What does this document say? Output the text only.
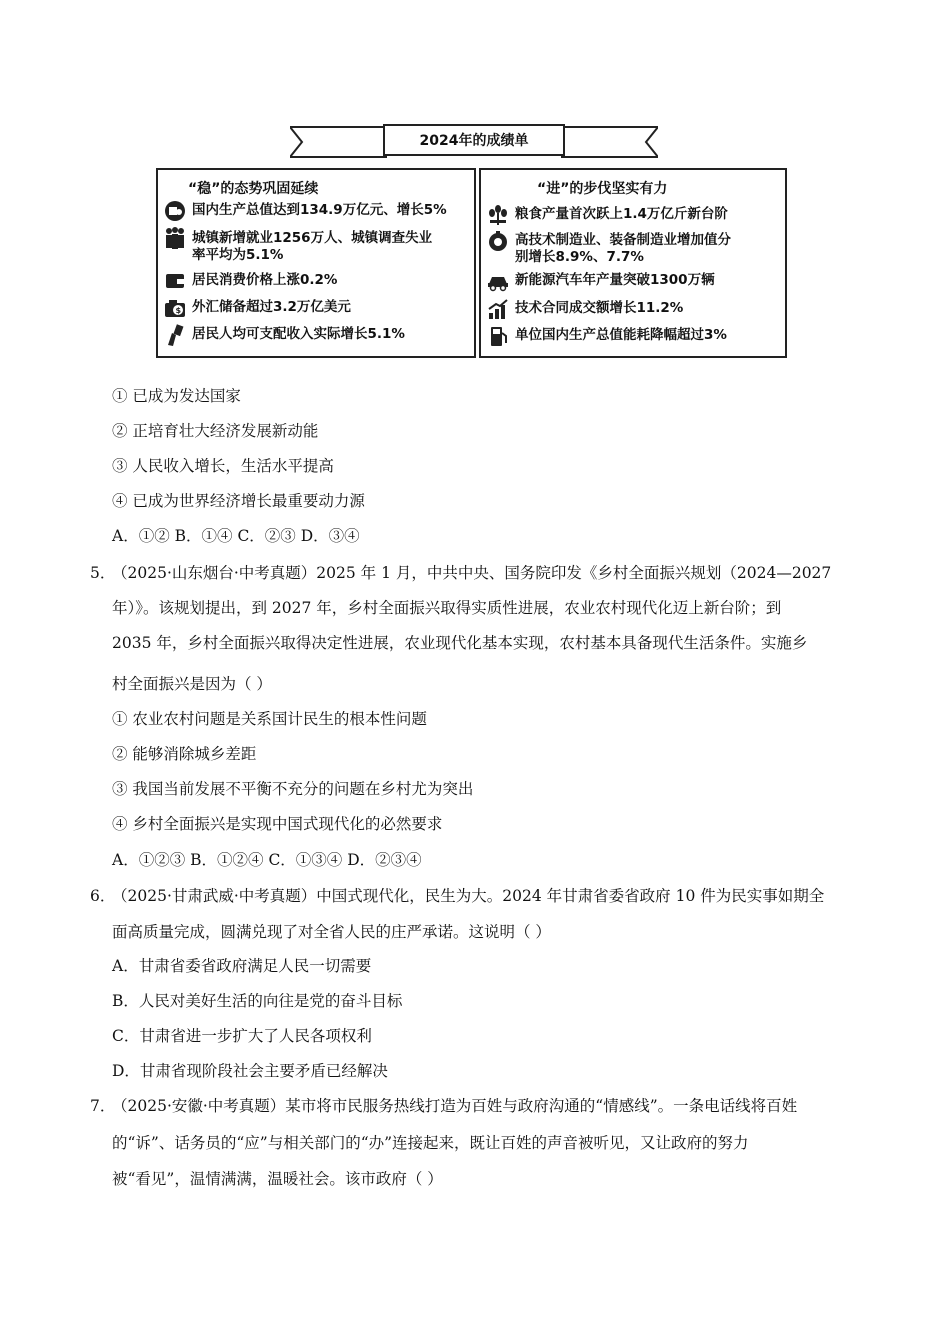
2024年的成绩单
“稳”的态势巩固延续
国内生产总值达到134.9万亿元、增长5%
城镇新增就业1256万人、城镇调查失业
率平均为5.1%
居民消费价格上涨0.2%
$ 外汇储备超过3.2万亿美元
居民人均可支配收入实际增长5.1%
“进”的步伐坚实有力
粮食产量首次跃上1.4万亿斤新台阶
高技术制造业、装备制造业增加值分
别增长8.9%、7.7%
新能源汽车年产量突破1300万辆
技术合同成交额增长11.2%
单位国内生产总值能耗降幅超过3%
① 已成为发达国家
② 正培育壮大经济发展新动能
③ 人民收入增长，生活水平提高
④ 已成为世界经济增长最重要动力源
A．①② B．①④ C．②③ D．③④
5．
（2025·山东烟台·中考真题）2025 年 1 月，中共中央、国务院印发《乡村全面振兴规划（2024—2027
年）》。该规划提出，到 2027 年，乡村全面振兴取得实质性进展，农业农村现代化迈上新台阶；到
2035 年，乡村全面振兴取得决定性进展，农业现代化基本实现，农村基本具备现代生活条件。实施乡
村全面振兴是因为（ ）
① 农业农村问题是关系国计民生的根本性问题
② 能够消除城乡差距
③ 我国当前发展不平衡不充分的问题在乡村尤为突出
④ 乡村全面振兴是实现中国式现代化的必然要求
A．①②③ B．①②④ C．①③④ D．②③④
6．
（2025·甘肃武威·中考真题）中国式现代化，民生为大。2024 年甘肃省委省政府 10 件为民实事如期全
面高质量完成，圆满兑现了对全省人民的庄严承诺。这说明（ ）
A．甘肃省委省政府满足人民一切需要
B．人民对美好生活的向往是党的奋斗目标
C．甘肃省进一步扩大了人民各项权利
D．甘肃省现阶段社会主要矛盾已经解决
7．
（2025·安徽·中考真题）某市将市民服务热线打造为百姓与政府沟通的“情感线”。一条电话线将百姓
的“诉”、话务员的“应”与相关部门的“办”连接起来，既让百姓的声音被听见，又让政府的努力
被“看见”，温情满满，温暖社会。该市政府（ ）
